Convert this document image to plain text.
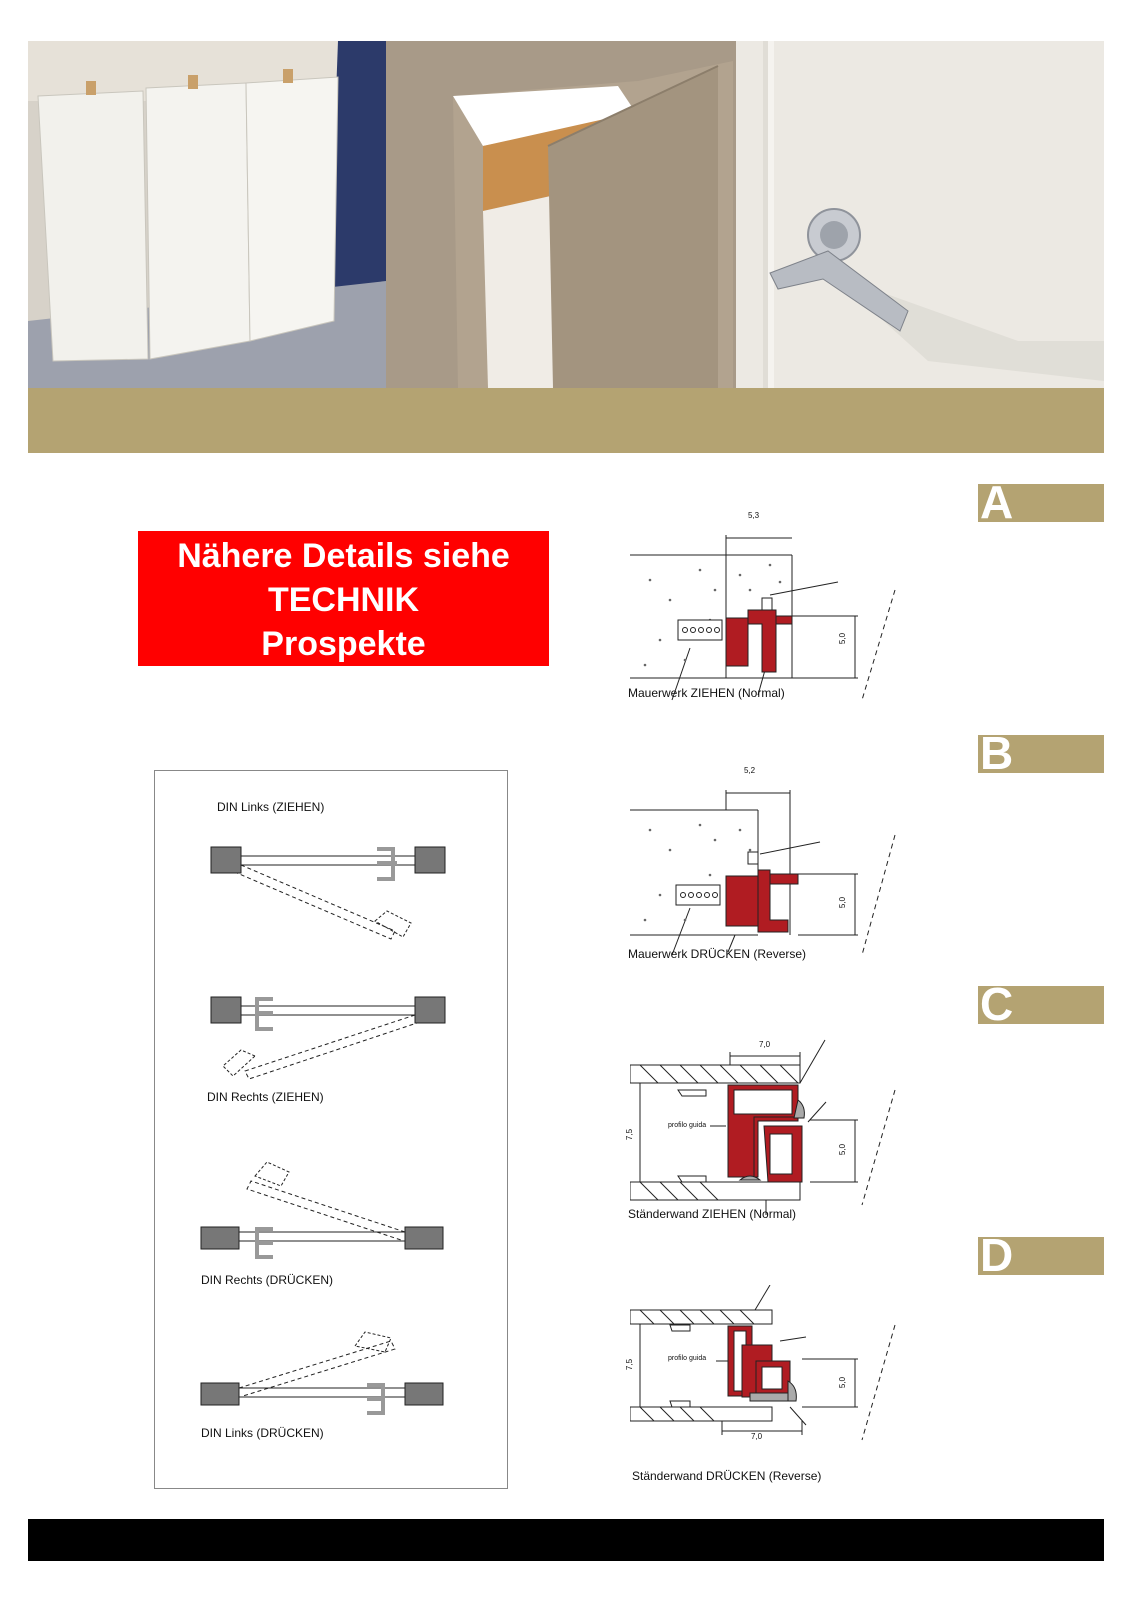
A
B
C
D
Nähere Details siehe
TECHNIK
Prospekte
DIN Links (ZIEHEN)
DIN Rechts (ZIEHEN)
DIN Rechts (DRÜCKEN)
DIN Links (DRÜCKEN)
5,3
5,0
Mauerwerk ZIEHEN (Normal)
5,2
5,0
Mauerwerk DRÜCKEN (Reverse)
7,0
7,5
5,0
profilo guida
Ständerwand ZIEHEN (Normal)
7,0
7,5
5,0
profilo guida
Ständerwand DRÜCKEN (Reverse)
